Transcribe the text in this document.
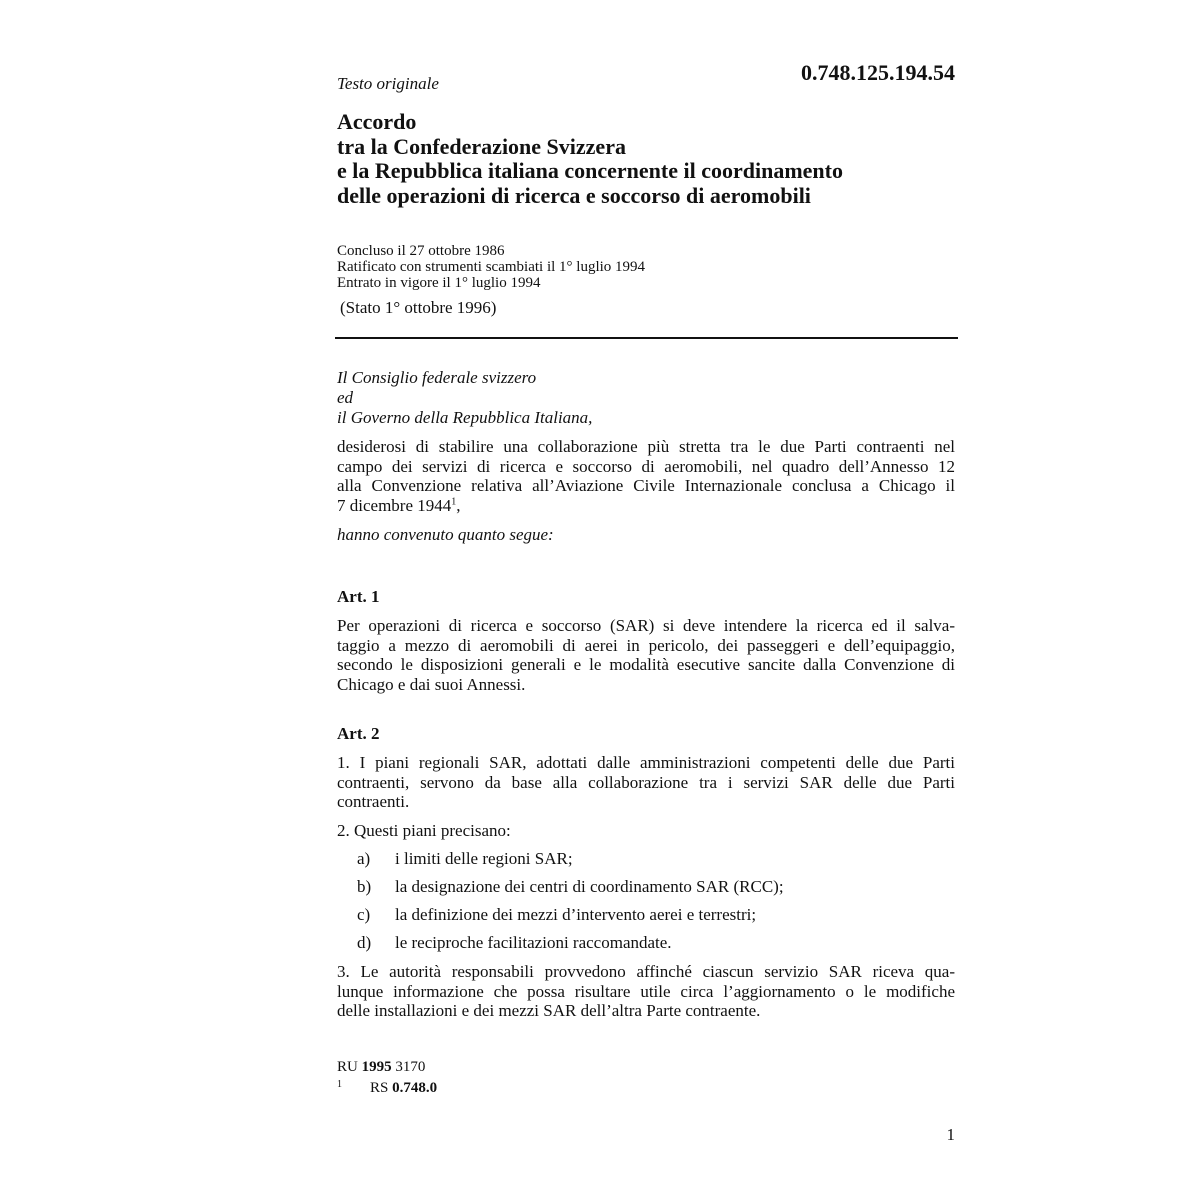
0.748.125.194.54
Testo originale
Accordo
tra la Confederazione Svizzera
e la Repubblica italiana concernente il coordinamento
delle operazioni di ricerca e soccorso di aeromobili
Concluso il 27 ottobre 1986
Ratificato con strumenti scambiati il 1° luglio 1994
Entrato in vigore il 1° luglio 1994
(Stato 1° ottobre 1996)
Il Consiglio federale svizzero
ed
il Governo della Repubblica Italiana,
desiderosi di stabilire una collaborazione più stretta tra le due Parti contraenti nel
campo dei servizi di ricerca e soccorso di aeromobili, nel quadro dell’Annesso 12
alla Convenzione relativa all’Aviazione Civile Internazionale conclusa a Chicago il
7 dicembre 1944$^1$,
hanno convenuto quanto segue:
Art. 1
Per operazioni di ricerca e soccorso (SAR) si deve intendere la ricerca ed il salva-
taggio a mezzo di aeromobili di aerei in pericolo, dei passeggeri e dell’equipaggio,
secondo le disposizioni generali e le modalità esecutive sancite dalla Convenzione di
Chicago e dai suoi Annessi.
Art. 2
1. I piani regionali SAR, adottati dalle amministrazioni competenti delle due Parti
contraenti, servono da base alla collaborazione tra i servizi SAR delle due Parti
contraenti.
2. Questi piani precisano:
a) i limiti delle regioni SAR;
b) la designazione dei centri di coordinamento SAR (RCC);
c) la definizione dei mezzi d’intervento aerei e terrestri;
d) le reciproche facilitazioni raccomandate.
3. Le autorità responsabili provvedono affinché ciascun servizio SAR riceva qua-
lunque informazione che possa risultare utile circa l’aggiornamento o le modifiche
delle installazioni e dei mezzi SAR dell’altra Parte contraente.
RU 1995 3170
1 RS 0.748.0
1
